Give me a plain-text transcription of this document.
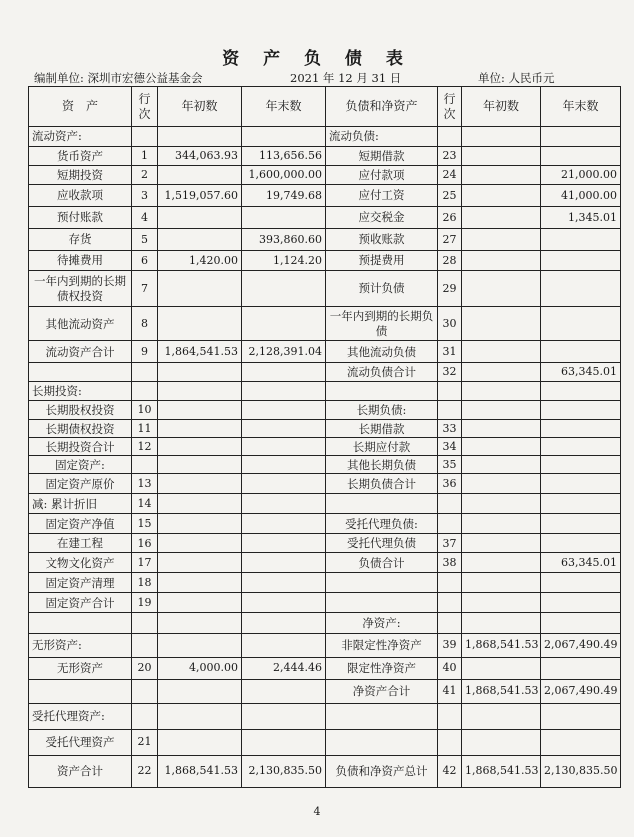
资 产 负 债 表
编制单位: 深圳市宏德公益基金会	2021 年 12 月 31 日	单位: 人民币元
资　产	行次	年初数	年末数	负债和净资产	行次	年初数	年末数
流动资产:				流动负债:			
货币资产	1	344,063.93	113,656.56	短期借款	23		
短期投资	2		1,600,000.00	应付款项	24		21,000.00
应收款项	3	1,519,057.60	19,749.68	应付工资	25		41,000.00
预付账款	4			应交税金	26		1,345.01
存货	5		393,860.60	预收账款	27		
待摊费用	6	1,420.00	1,124.20	预提费用	28		
一年内到期的长期债权投资	7			预计负债	29		
其他流动资产	8			一年内到期的长期负债	30		
流动资产合计	9	1,864,541.53	2,128,391.04	其他流动负债	31		
				流动负债合计	32		63,345.01
长期投资:							
长期股权投资	10			长期负债:			
长期债权投资	11			长期借款	33		
长期投资合计	12			长期应付款	34		
固定资产:				其他长期负债	35		
固定资产原价	13			长期负债合计	36		
减: 累计折旧	14						
固定资产净值	15			受托代理负债:			
在建工程	16			受托代理负债	37		
文物文化资产	17			负债合计	38		63,345.01
固定资产清理	18						
固定资产合计	19						
				净资产:			
无形资产:				非限定性净资产	39	1,868,541.53	2,067,490.49
无形资产	20	4,000.00	2,444.46	限定性净资产	40		
				净资产合计	41	1,868,541.53	2,067,490.49
受托代理资产:							
受托代理资产	21						
资产合计	22	1,868,541.53	2,130,835.50	负债和净资产总计	42	1,868,541.53	2,130,835.50
4
